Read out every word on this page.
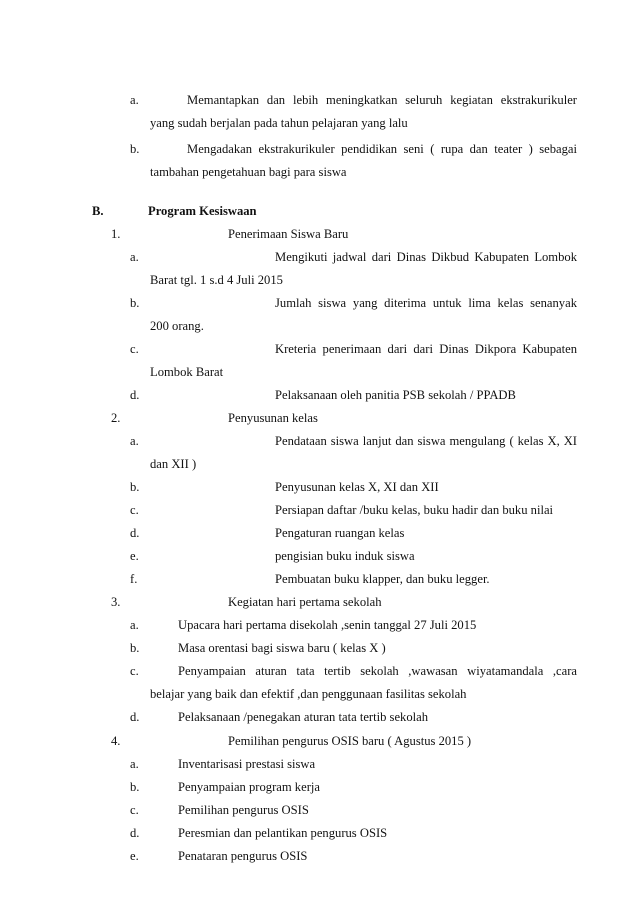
a.	Memantapkan dan lebih meningkatkan seluruh kegiatan ekstrakurikuler
yang sudah berjalan pada tahun pelajaran yang lalu
b.	Mengadakan ekstrakurikuler pendidikan seni ( rupa dan teater ) sebagai
tambahan pengetahuan bagi para siswa
B.	Program Kesiswaan
1.	Penerimaan Siswa Baru
a.	Mengikuti jadwal dari Dinas Dikbud Kabupaten Lombok
Barat tgl. 1 s.d 4 Juli 2015
b.	Jumlah siswa yang diterima untuk lima kelas senanyak
200 orang.
c.	Kreteria penerimaan dari dari Dinas Dikpora Kabupaten
Lombok Barat
d.	Pelaksanaan oleh panitia PSB sekolah / PPADB
2.	Penyusunan kelas
a.	Pendataan siswa lanjut dan siswa mengulang ( kelas X, XI
dan XII )
b.	Penyusunan kelas X, XI dan XII
c.	Persiapan daftar /buku kelas, buku hadir dan buku nilai
d.	Pengaturan ruangan kelas
e.	pengisian buku induk siswa
f.	Pembuatan buku klapper, dan buku legger.
3.	Kegiatan hari pertama sekolah
a.	Upacara hari pertama disekolah ,senin tanggal 27 Juli 2015
b.	Masa orentasi bagi siswa baru ( kelas X )
c.	Penyampaian aturan tata tertib sekolah ,wawasan wiyatamandala ,cara
belajar yang baik dan efektif ,dan penggunaan fasilitas sekolah
d.	Pelaksanaan /penegakan aturan tata tertib sekolah
4.	Pemilihan pengurus OSIS baru ( Agustus 2015 )
a.	Inventarisasi prestasi siswa
b.	Penyampaian program kerja
c.	Pemilihan pengurus OSIS
d.	Peresmian dan pelantikan pengurus OSIS
e.	Penataran pengurus OSIS
